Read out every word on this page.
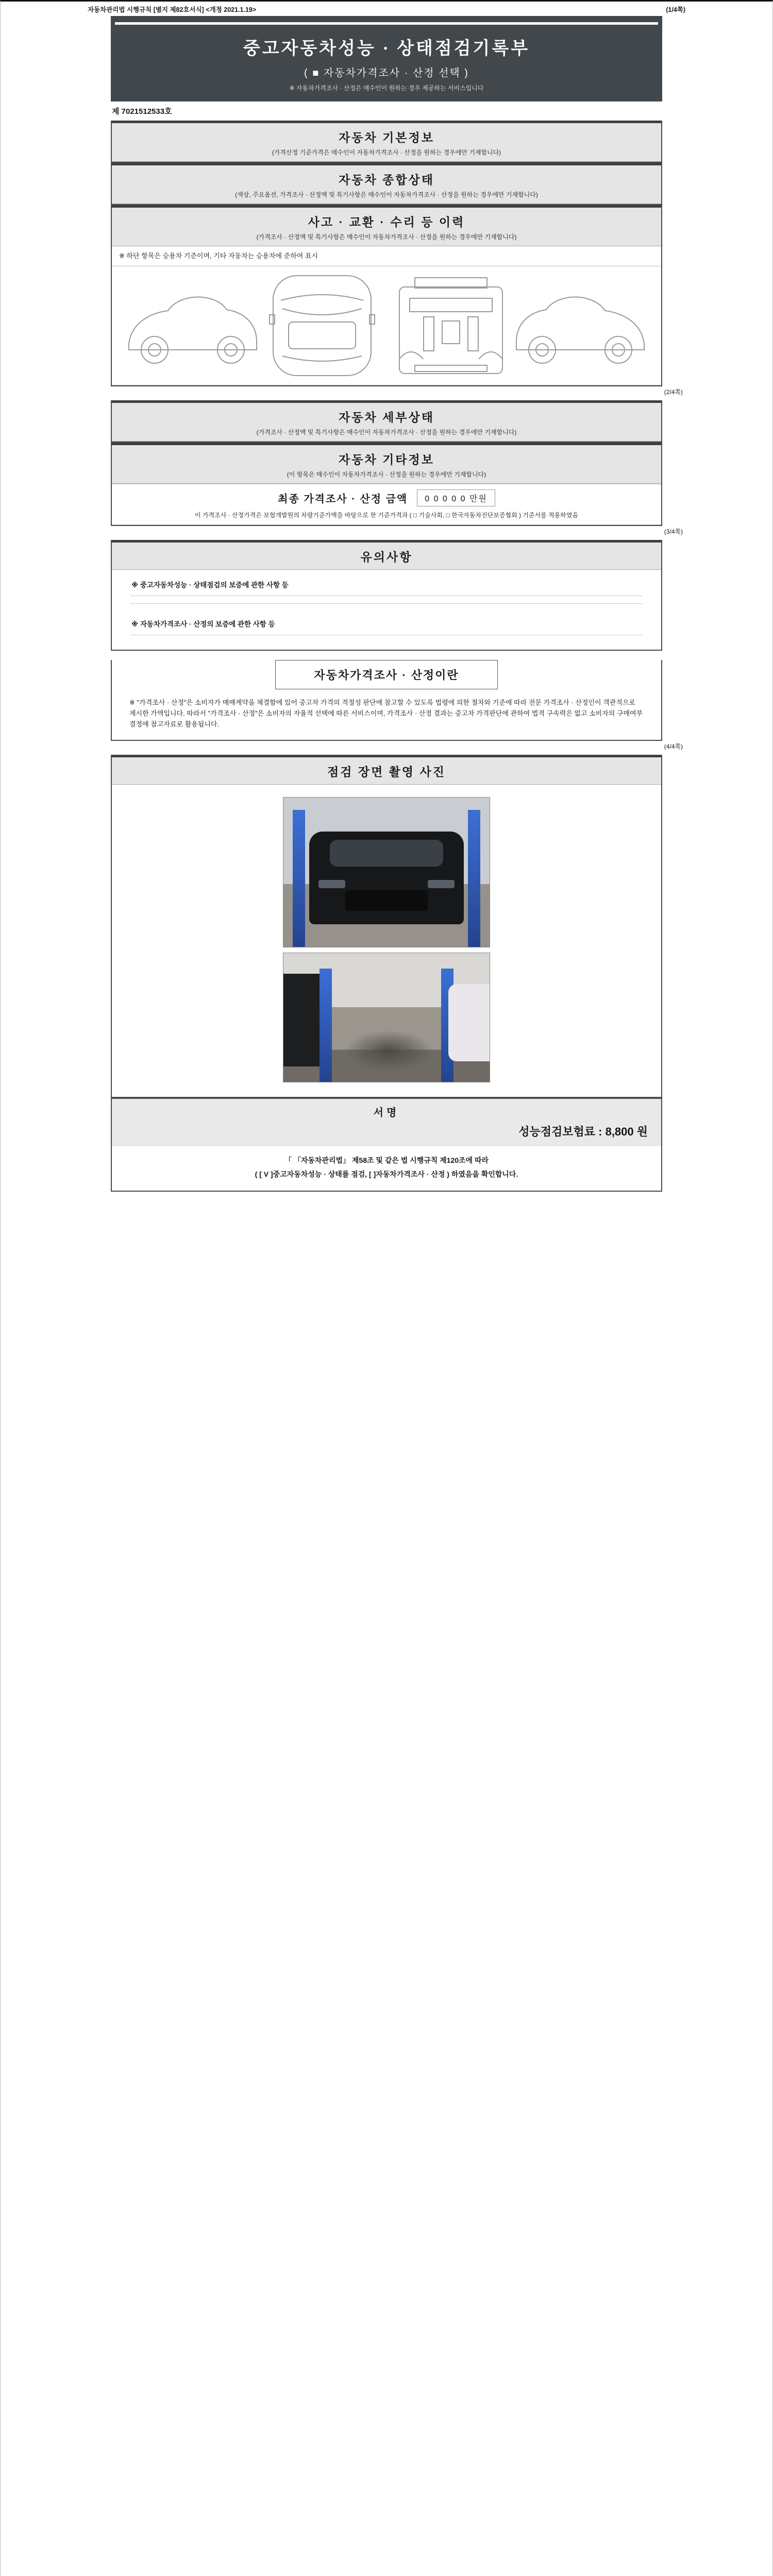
자동차관리법 시행규칙 [별지 제82호서식] <개정 2021.1.19>	(1/4쪽)
중고자동차성능 · 상태점검기록부
( ■ 자동차가격조사 · 산정 선택 )
※ 자동차가격조사 · 산정은 매수인이 원하는 경우 제공하는 서비스입니다
제 7021512533호
자동차 기본정보
(가격산정 기준가격은 매수인이 자동차가격조사 · 산정을 원하는 경우에만 기재합니다)
자동차 종합상태
(색상, 주요옵션, 가격조사 · 산정액 및 특기사항은 매수인이 자동차가격조사 · 산정을 원하는 경우에만 기재합니다)
사고 · 교환 · 수리 등 이력
(가격조사 · 산정액 및 특기사항은 매수인이 자동차가격조사 · 산정을 원하는 경우에만 기재합니다)
※ 하단 항목은 승용차 기준이며, 기타 자동차는 승용차에 준하여 표시
(2/4쪽)
자동차 세부상태
(가격조사 · 산정액 및 특기사항은 매수인이 자동차가격조사 · 산정을 원하는 경우에만 기재합니다)
자동차 기타정보
(이 항목은 매수인이 자동차가격조사 · 산정을 원하는 경우에만 기재합니다)
최종 가격조사 · 산정 금액	0 0 0 0 0 만원
이 가격조사 · 산정가격은 보험개발원의 차량기준가액을 바탕으로 한 기준가격과 ( □ 기술사회, □ 한국자동차진단보증협회 ) 기준서를 적용하였음
(3/4쪽)
유의사항
※ 중고자동차성능 · 상태점검의 보증에 관한 사항 등
※ 자동차가격조사 · 산정의 보증에 관한 사항 등
자동차가격조사 · 산정이란
※ "가격조사 · 산정"은 소비자가 매매계약을 체결함에 있어 중고차 가격의 적절성 판단에 참고할 수 있도록 법령에 의한 절차와 기준에 따라 전문 가격조사 · 산정인이 객관적으로 제시한 가액입니다. 따라서 "가격조사 · 산정"은 소비자의 자율적 선택에 따른 서비스이며, 가격조사 · 산정 결과는 중고차 가격판단에 관하여 법적 구속력은 없고 소비자의 구매여부 결정에 참고자료로 활용됩니다.
(4/4쪽)
점검 장면 촬영 사진
서명
성능점검보험료 : 8,800 원
「 「자동차관리법」 제58조 및 같은 법 시행규칙 제120조에 따라
( [ V ]중고자동차성능 · 상태를 점검, [ ]자동차가격조사 · 산정 ) 하였음을 확인합니다.
